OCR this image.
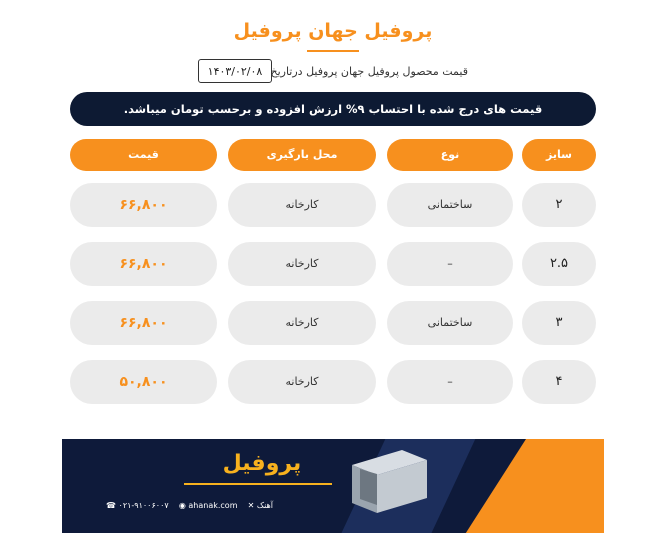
پروفیل جهان پروفیل
قیمت محصول پروفیل جهان پروفیل درتاریخ
۱۴۰۳/۰۲/۰۸
قیمت های درج شده با احتساب ۹% ارزش افزوده و برحسب تومان میباشد.
سایز
نوع
محل بارگیری
قیمت
۲
ساختمانی
کارخانه
۶۶,۸۰۰
۲.۵
–
کارخانه
۶۶,۸۰۰
۳
ساختمانی
کارخانه
۶۶,۸۰۰
۴
–
کارخانه
۵۰,۸۰۰
پروفیل
☎ ۰۲۱-۹۱۰۰۶۰۰۷ ◉ ahanak.com ✕ آهنک
